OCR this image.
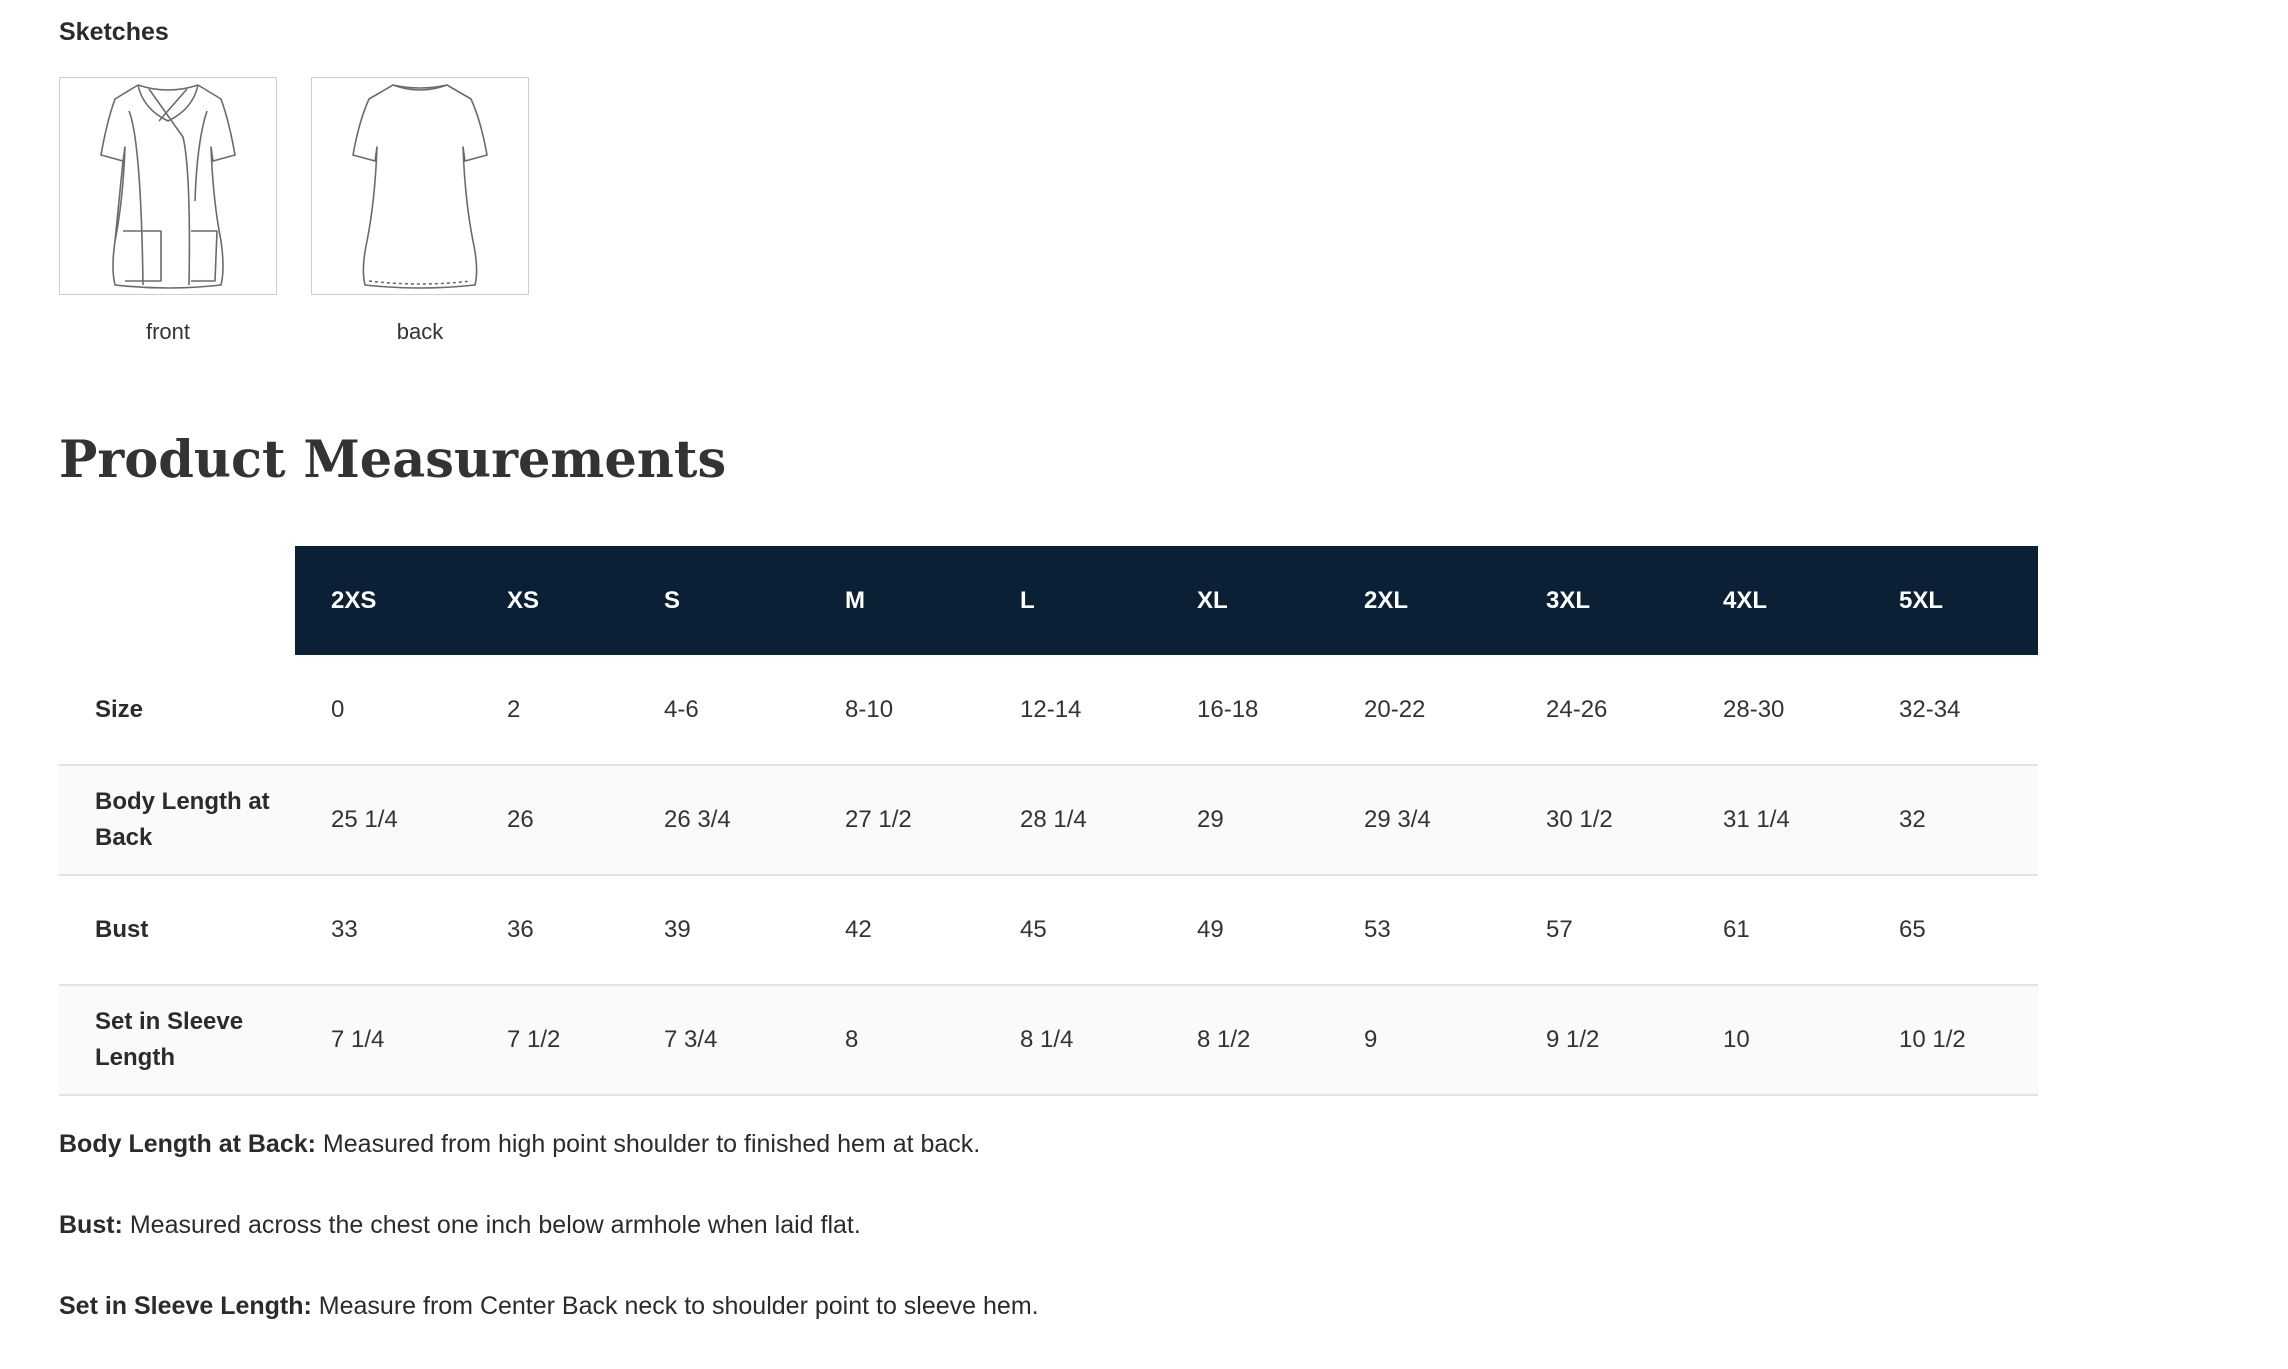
Sketches
front	back
Product Measurements
	2XS	XS	S	M	L	XL	2XL	3XL	4XL	5XL
Size	0	2	4-6	8-10	12-14	16-18	20-22	24-26	28-30	32-34
Body Length at Back	25 1/4	26	26 3/4	27 1/2	28 1/4	29	29 3/4	30 1/2	31 1/4	32
Bust	33	36	39	42	45	49	53	57	61	65
Set in Sleeve Length	7 1/4	7 1/2	7 3/4	8	8 1/4	8 1/2	9	9 1/2	10	10 1/2

Body Length at Back: Measured from high point shoulder to finished hem at back.

Bust: Measured across the chest one inch below armhole when laid flat.

Set in Sleeve Length: Measure from Center Back neck to shoulder point to sleeve hem.
